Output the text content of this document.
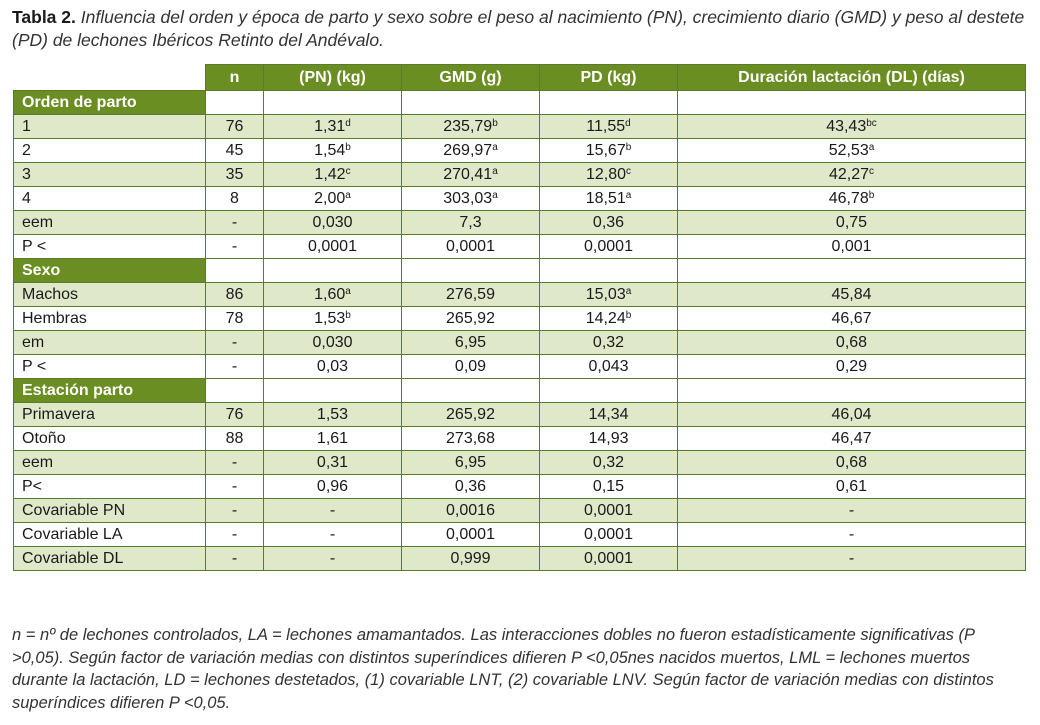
Tabla 2. Influencia del orden y época de parto y sexo sobre el peso al nacimiento (PN), crecimiento diario (GMD) y peso al destete (PD) de lechones Ibéricos Retinto del Andévalo.
	n	(PN) (kg)	GMD (g)	PD (kg)	Duración lactación (DL) (días)
Orden de parto					
1	76	1,31$^d$	235,79$^b$	11,55$^d$	43,43$^{bc}$
2	45	1,54$^b$	269,97$^a$	15,67$^b$	52,53$^a$
3	35	1,42$^c$	270,41$^a$	12,80$^c$	42,27$^c$
4	8	2,00$^a$	303,03$^a$	18,51$^a$	46,78$^b$
eem	-	0,030	7,3	0,36	0,75
P <	-	0,0001	0,0001	0,0001	0,001
Sexo					
Machos	86	1,60$^a$	276,59	15,03$^a$	45,84
Hembras	78	1,53$^b$	265,92	14,24$^b$	46,67
em	-	0,030	6,95	0,32	0,68
P <	-	0,03	0,09	0,043	0,29
Estación parto					
Primavera	76	1,53	265,92	14,34	46,04
Otoño	88	1,61	273,68	14,93	46,47
eem	-	0,31	6,95	0,32	0,68
P<	-	0,96	0,36	0,15	0,61
Covariable PN	-	-	0,0016	0,0001	-
Covariable LA	-	-	0,0001	0,0001	-
Covariable DL	-	-	0,999	0,0001	-
n = nº de lechones controlados, LA = lechones amamantados. Las interacciones dobles no fueron estadísticamente significativas (P >0,05). Según factor de variación medias con distintos superíndices difieren P <0,05nes nacidos muertos, LML = lechones muertos durante la lactación, LD = lechones destetados, (1) covariable LNT, (2) covariable LNV. Según factor de variación medias con distintos superíndices difieren P <0,05.
